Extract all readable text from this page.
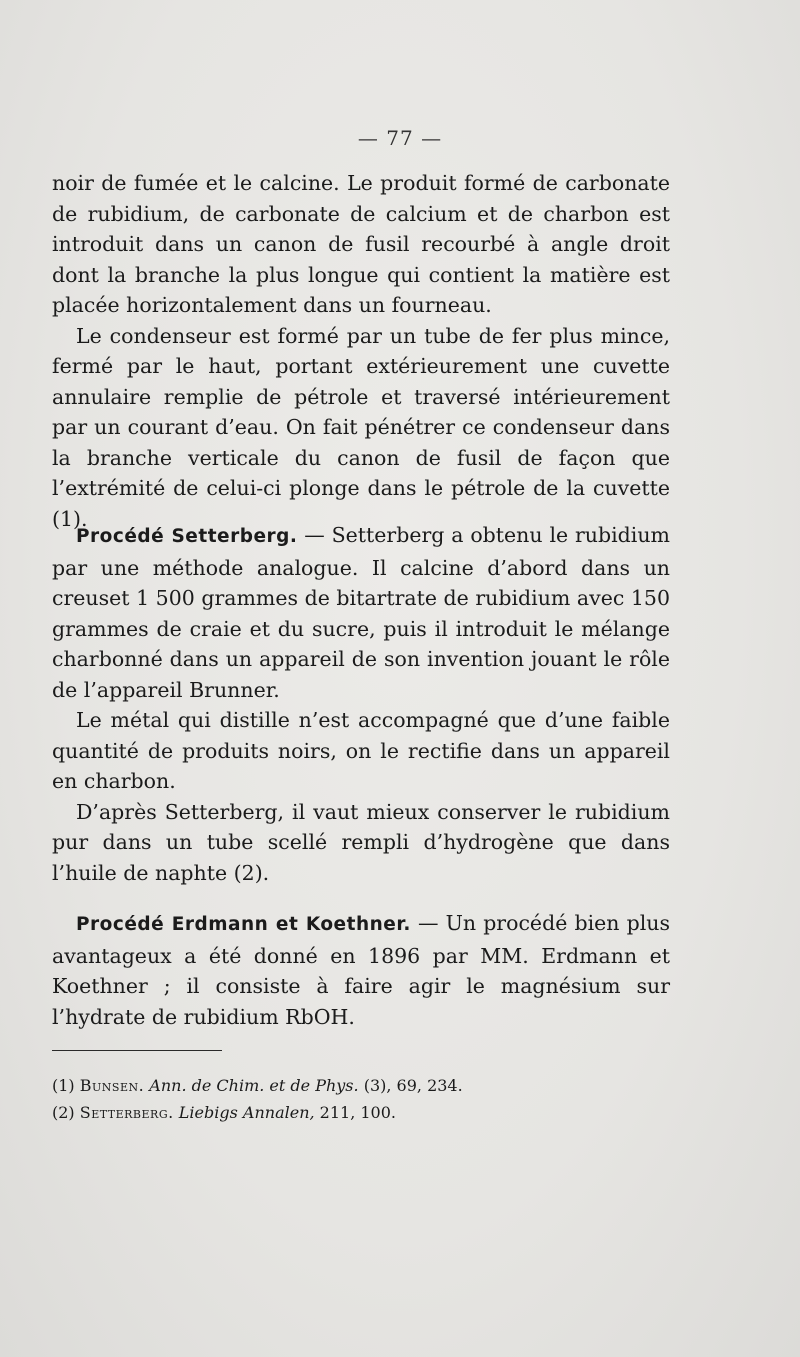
— 77 —

noir de fumée et le calcine. Le produit formé de carbonate de rubidium, de carbonate de calcium et de charbon est introduit dans un canon de fusil recourbé à angle droit dont la branche la plus longue qui contient la matière est placée horizontalement dans un fourneau.

Le condenseur est formé par un tube de fer plus mince, fermé par le haut, portant extérieurement une cuvette annulaire remplie de pétrole et traversé intérieurement par un courant d’eau. On fait pénétrer ce condenseur dans la branche verticale du canon de fusil de façon que l’extrémité de celui-ci plonge dans le pétrole de la cuvette (1).

Procédé Setterberg. — Setterberg a obtenu le rubidium par une méthode analogue. Il calcine d’abord dans un creuset 1 500 grammes de bitartrate de rubidium avec 150 grammes de craie et du sucre, puis il introduit le mélange charbonné dans un appareil de son invention jouant le rôle de l’appareil Brunner.

Le métal qui distille n’est accompagné que d’une faible quantité de produits noirs, on le rectifie dans un appareil en charbon.

D’après Setterberg, il vaut mieux conserver le rubidium pur dans un tube scellé rempli d’hydrogène que dans l’huile de naphte (2).

Procédé Erdmann et Koethner. — Un procédé bien plus avantageux a été donné en 1896 par MM. Erdmann et Koethner ; il consiste à faire agir le magnésium sur l’hydrate de rubidium RbOH.

(1) Bunsen. Ann. de Chim. et de Phys. (3), 69, 234.

(2) Setterberg. Liebigs Annalen, 211, 100.
